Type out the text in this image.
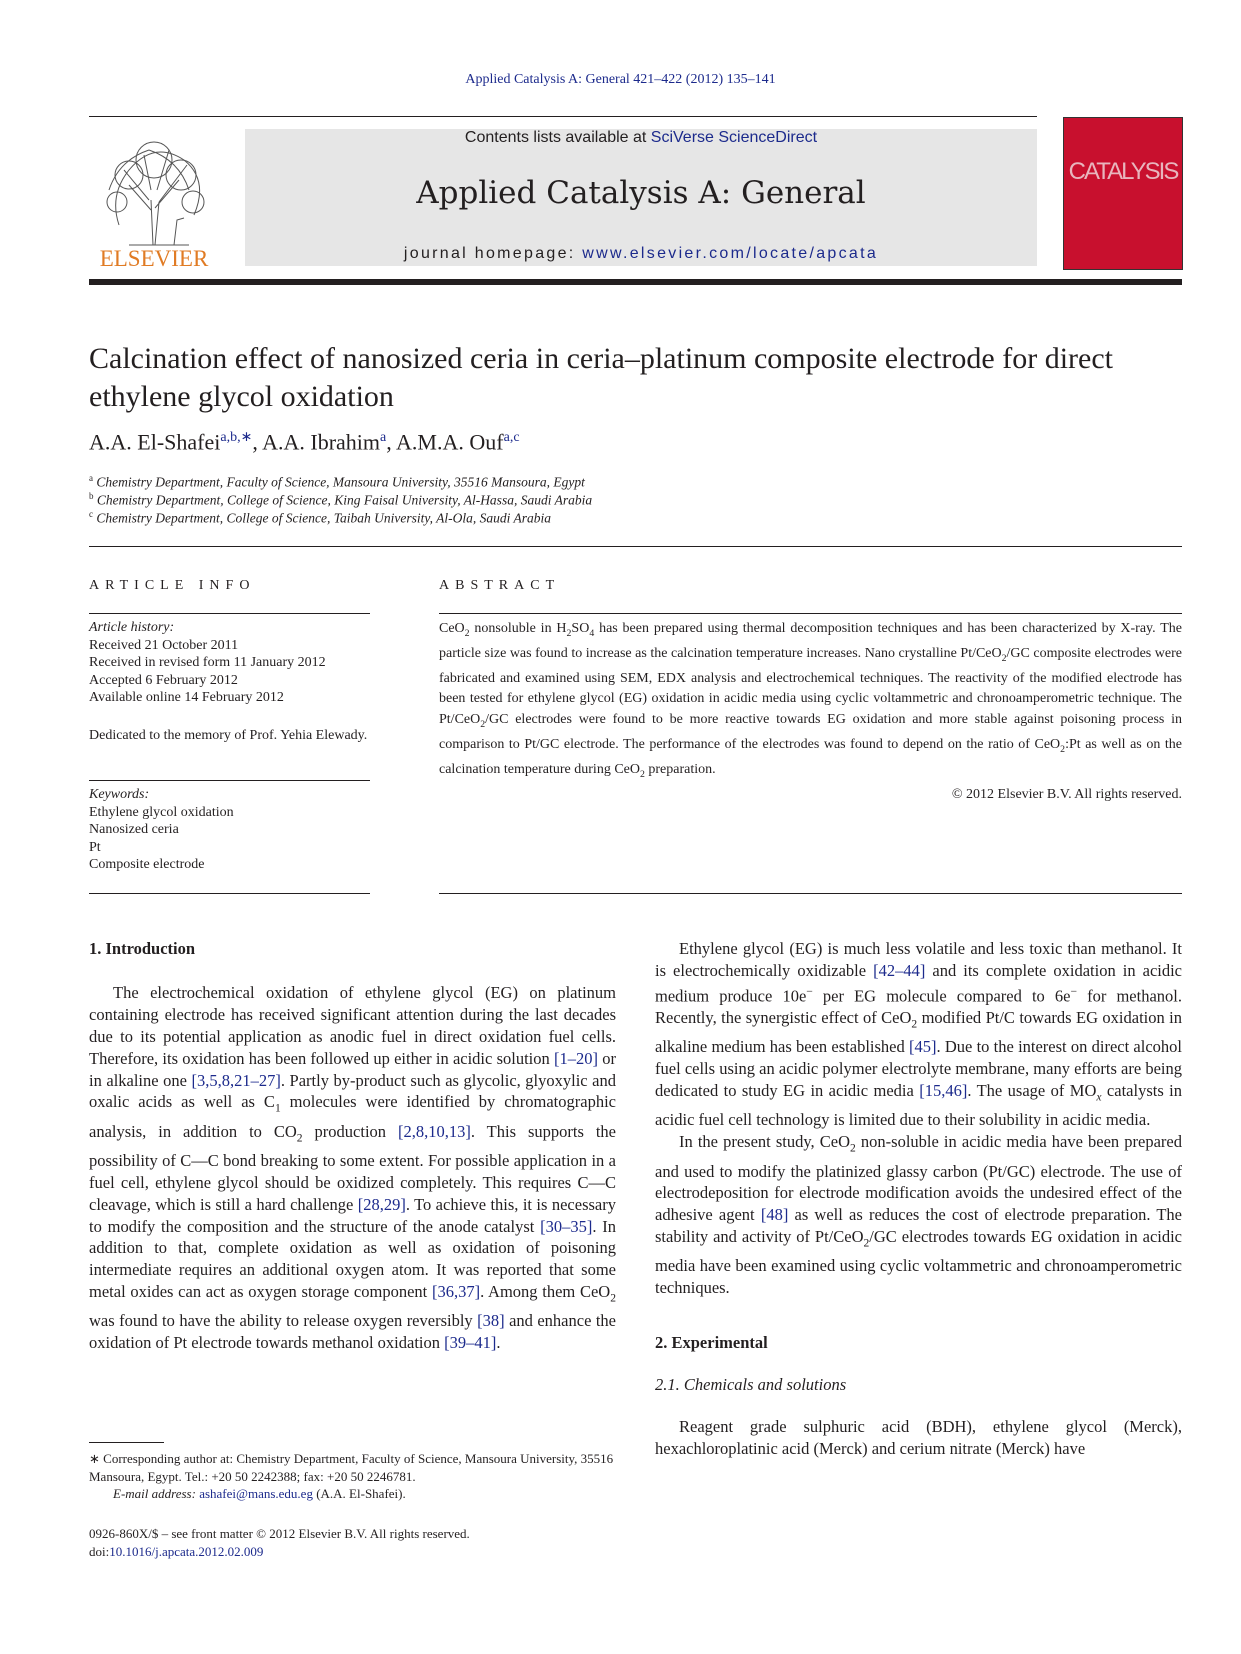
Applied Catalysis A: General 421–422 (2012) 135–141
ELSEVIER
Contents lists available at SciVerse ScienceDirect
Applied Catalysis A: General
journal homepage: www.elsevier.com/locate/apcata
CATALYSIS
Calcination effect of nanosized ceria in ceria–platinum composite electrode for direct ethylene glycol oxidation
A.A. El-Shafei$^{a,b,∗}$, A.A. Ibrahim$^a$, A.M.A. Ouf$^{a,c}$
$^a$ Chemistry Department, Faculty of Science, Mansoura University, 35516 Mansoura, Egypt
$^b$ Chemistry Department, College of Science, King Faisal University, Al-Hassa, Saudi Arabia
$^c$ Chemistry Department, College of Science, Taibah University, Al-Ola, Saudi Arabia
ARTICLE INFO	ABSTRACT
Article history:
Received 21 October 2011
Received in revised form 11 January 2012
Accepted 6 February 2012
Available online 14 February 2012
Dedicated to the memory of Prof. Yehia Elewady.
Keywords:
Ethylene glycol oxidation
Nanosized ceria
Pt
Composite electrode
CeO$_2$ nonsoluble in $H_2SO_4$ has been prepared using thermal decomposition techniques and has been characterized by X-ray. The particle size was found to increase as the calcination temperature increases. Nano crystalline Pt/CeO$_2$/GC composite electrodes were fabricated and examined using SEM, EDX analysis and electrochemical techniques. The reactivity of the modified electrode has been tested for ethylene glycol (EG) oxidation in acidic media using cyclic voltammetric and chronoamperometric technique. The Pt/CeO$_2$/GC electrodes were found to be more reactive towards EG oxidation and more stable against poisoning process in comparison to Pt/GC electrode. The performance of the electrodes was found to depend on the ratio of CeO$_2$:Pt as well as on the calcination temperature during CeO$_2$ preparation.
© 2012 Elsevier B.V. All rights reserved.
1. Introduction

The electrochemical oxidation of ethylene glycol (EG) on platinum containing electrode has received significant attention during the last decades due to its potential application as anodic fuel in direct oxidation fuel cells. Therefore, its oxidation has been followed up either in acidic solution [1–20] or in alkaline one [3,5,8,21–27]. Partly by-product such as glycolic, glyoxylic and oxalic acids as well as $C_1$ molecules were identified by chromatographic analysis, in addition to $CO_2$ production [2,8,10,13]. This supports the possibility of C—C bond breaking to some extent. For possible application in a fuel cell, ethylene glycol should be oxidized completely. This requires C—C cleavage, which is still a hard challenge [28,29]. To achieve this, it is necessary to modify the composition and the structure of the anode catalyst [30–35]. In addition to that, complete oxidation as well as oxidation of poisoning intermediate requires an additional oxygen atom. It was reported that some metal oxides can act as oxygen storage component [36,37]. Among them CeO$_2$ was found to have the ability to release oxygen reversibly [38] and enhance the oxidation of Pt electrode towards methanol oxidation [39–41].

Ethylene glycol (EG) is much less volatile and less toxic than methanol. It is electrochemically oxidizable [42–44] and its complete oxidation in acidic medium produce 10e− per EG molecule compared to 6e− for methanol. Recently, the synergistic effect of CeO$_2$ modified Pt/C towards EG oxidation in alkaline medium has been established [45]. Due to the interest on direct alcohol fuel cells using an acidic polymer electrolyte membrane, many efforts are being dedicated to study EG in acidic media [15,46]. The usage of $MO_x$ catalysts in acidic fuel cell technology is limited due to their solubility in acidic media.

In the present study, CeO$_2$ non-soluble in acidic media have been prepared and used to modify the platinized glassy carbon (Pt/GC) electrode. The use of electrodeposition for electrode modification avoids the undesired effect of the adhesive agent [48] as well as reduces the cost of electrode preparation. The stability and activity of Pt/CeO$_2$/GC electrodes towards EG oxidation in acidic media have been examined using cyclic voltammetric and chronoamperometric techniques.

2. Experimental
2.1. Chemicals and solutions

Reagent grade sulphuric acid (BDH), ethylene glycol (Merck), hexachloroplatinic acid (Merck) and cerium nitrate (Merck) have

∗ Corresponding author at: Chemistry Department, Faculty of Science, Mansoura University, 35516 Mansoura, Egypt. Tel.: +20 50 2242388; fax: +20 50 2246781.
E-mail address: ashafei@mans.edu.eg (A.A. El-Shafei).
0926-860X/$ – see front matter © 2012 Elsevier B.V. All rights reserved.
doi:10.1016/j.apcata.2012.02.009
